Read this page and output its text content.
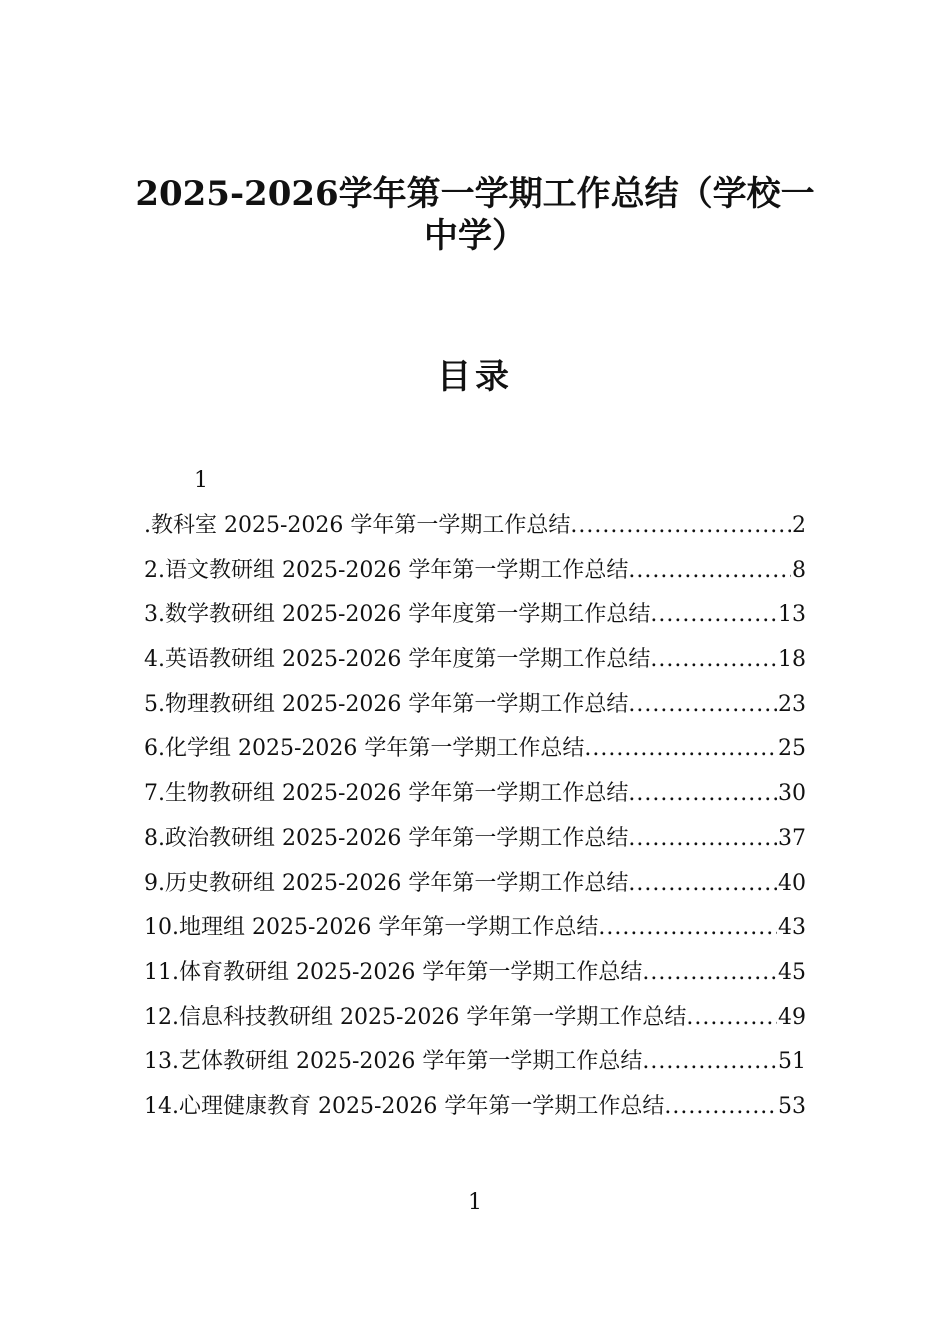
2025-2026学年第一学期工作总结（学校一
中学）
目录
1
.教科室 2025-2026 学年第一学期工作总结 .....	2
2.语文教研组 2025-2026 学年第一学期工作总结 .....	8
3.数学教研组 2025-2026 学年度第一学期工作总结 .....	13
4.英语教研组 2025-2026 学年度第一学期工作总结 .....	18
5.物理教研组 2025-2026 学年第一学期工作总结 .....	23
6.化学组 2025-2026 学年第一学期工作总结 .....	25
7.生物教研组 2025-2026 学年第一学期工作总结 .....	30
8.政治教研组 2025-2026 学年第一学期工作总结 .....	37
9.历史教研组 2025-2026 学年第一学期工作总结 .....	40
10.地理组 2025-2026 学年第一学期工作总结 .....	43
11.体育教研组 2025-2026 学年第一学期工作总结 .....	45
12.信息科技教研组 2025-2026 学年第一学期工作总结 .....	49
13.艺体教研组 2025-2026 学年第一学期工作总结 .....	51
14.心理健康教育 2025-2026 学年第一学期工作总结 .....	53
1
